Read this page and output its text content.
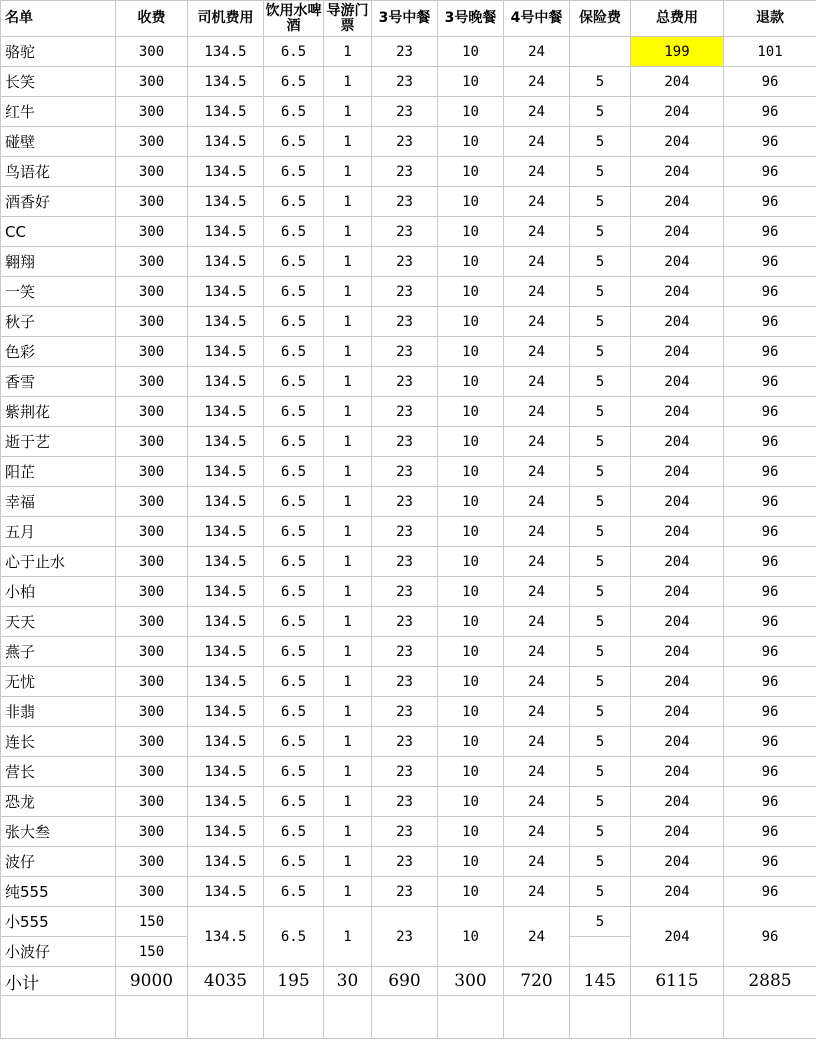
名单	收费	司机费用	饮用水啤酒	导游门票	3号中餐	3号晚餐	4号中餐	保险费	总费用	退款
骆驼	300	134.5	6.5	1	23	10	24		199	101
长笑	300	134.5	6.5	1	23	10	24	5	204	96
红牛	300	134.5	6.5	1	23	10	24	5	204	96
碰壁	300	134.5	6.5	1	23	10	24	5	204	96
鸟语花	300	134.5	6.5	1	23	10	24	5	204	96
酒香好	300	134.5	6.5	1	23	10	24	5	204	96
CC	300	134.5	6.5	1	23	10	24	5	204	96
翱翔	300	134.5	6.5	1	23	10	24	5	204	96
一笑	300	134.5	6.5	1	23	10	24	5	204	96
秋子	300	134.5	6.5	1	23	10	24	5	204	96
色彩	300	134.5	6.5	1	23	10	24	5	204	96
香雪	300	134.5	6.5	1	23	10	24	5	204	96
紫荆花	300	134.5	6.5	1	23	10	24	5	204	96
逝于艺	300	134.5	6.5	1	23	10	24	5	204	96
阳芷	300	134.5	6.5	1	23	10	24	5	204	96
幸福	300	134.5	6.5	1	23	10	24	5	204	96
五月	300	134.5	6.5	1	23	10	24	5	204	96
心于止水	300	134.5	6.5	1	23	10	24	5	204	96
小柏	300	134.5	6.5	1	23	10	24	5	204	96
天天	300	134.5	6.5	1	23	10	24	5	204	96
燕子	300	134.5	6.5	1	23	10	24	5	204	96
无忧	300	134.5	6.5	1	23	10	24	5	204	96
非翡	300	134.5	6.5	1	23	10	24	5	204	96
连长	300	134.5	6.5	1	23	10	24	5	204	96
营长	300	134.5	6.5	1	23	10	24	5	204	96
恐龙	300	134.5	6.5	1	23	10	24	5	204	96
张大叁	300	134.5	6.5	1	23	10	24	5	204	96
波仔	300	134.5	6.5	1	23	10	24	5	204	96
纯555	300	134.5	6.5	1	23	10	24	5	204	96
小555	150	134.5	6.5	1	23	10	24	5	204	96
小波仔	150									
小计	9000	4035	195	30	690	300	720	145	6115	2885
